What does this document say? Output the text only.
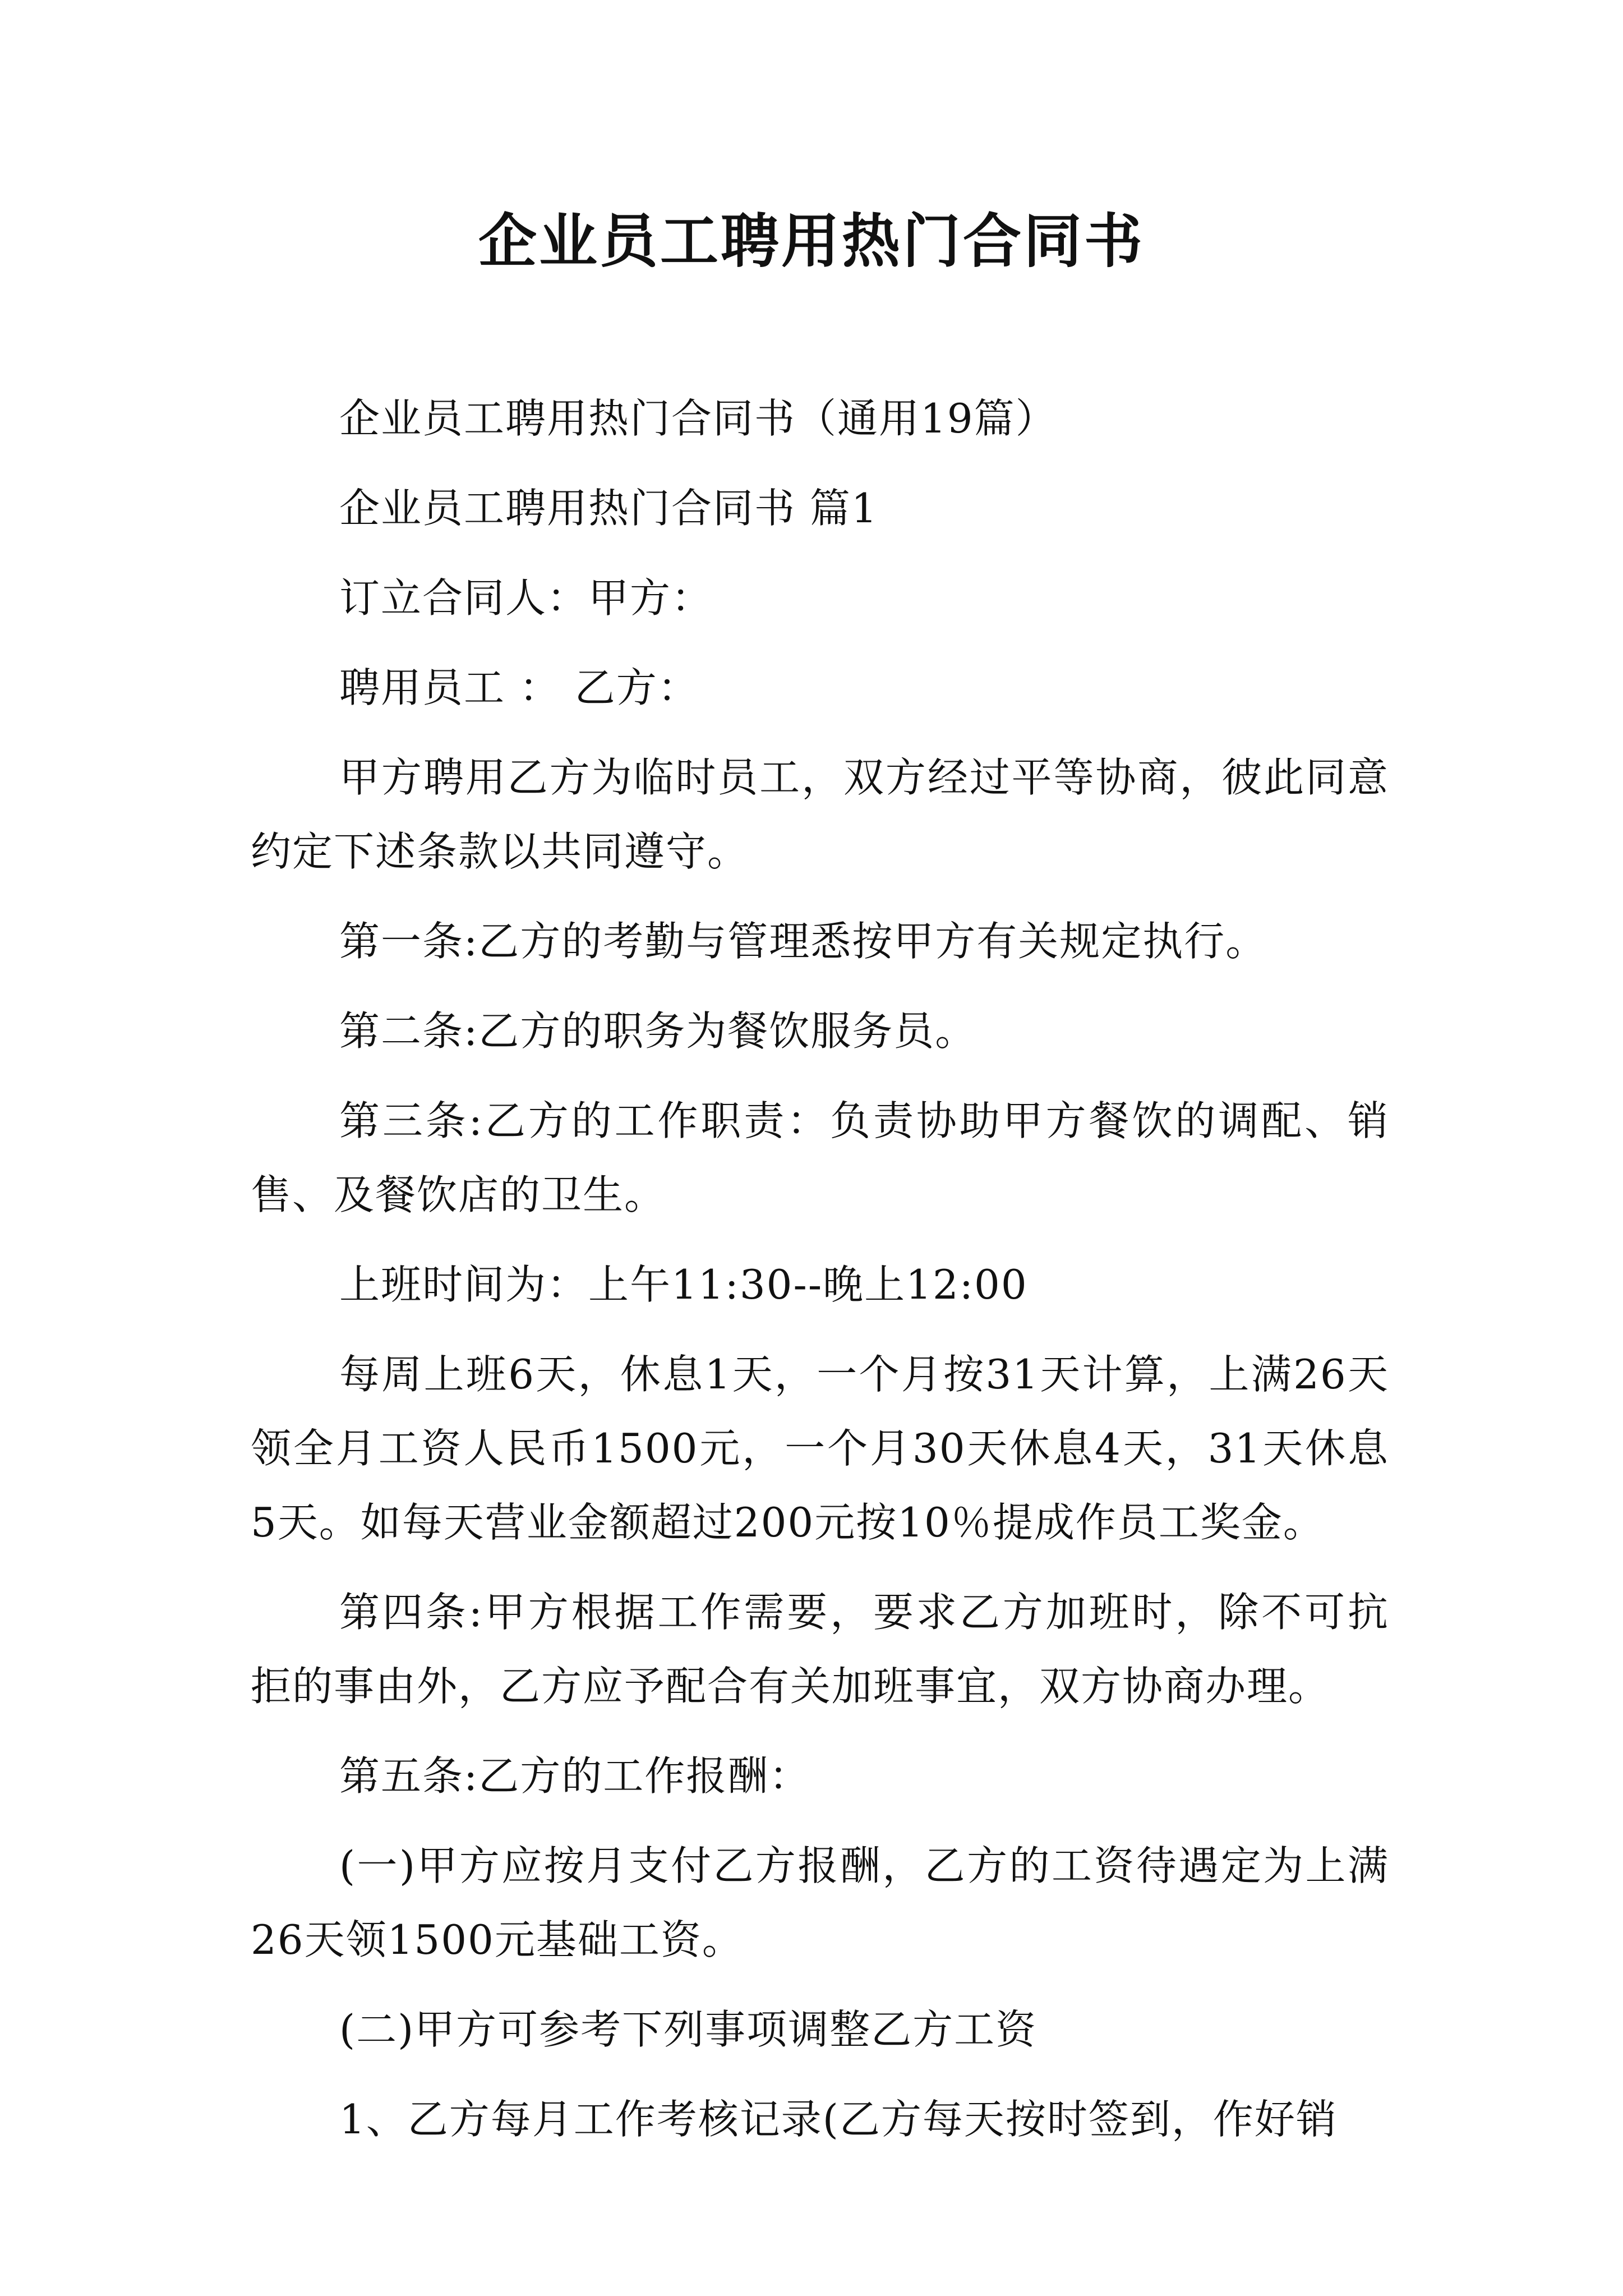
企业员工聘用热门合同书

企业员工聘用热门合同书（通用19篇）

企业员工聘用热门合同书 篇1

订立合同人：甲方：

聘用员工 ： 乙方：

甲方聘用乙方为临时员工，双方经过平等协商，彼此同意约定下述条款以共同遵守。

第一条:乙方的考勤与管理悉按甲方有关规定执行。

第二条:乙方的职务为餐饮服务员。

第三条:乙方的工作职责：负责协助甲方餐饮的调配、销售、及餐饮店的卫生。

上班时间为：上午11:30--晚上12:00

每周上班6天，休息1天，一个月按31天计算，上满26天领全月工资人民币1500元，一个月30天休息4天，31天休息5天。如每天营业金额超过200元按10％提成作员工奖金。

第四条:甲方根据工作需要，要求乙方加班时，除不可抗拒的事由外，乙方应予配合有关加班事宜，双方协商办理。

第五条:乙方的工作报酬：

(一)甲方应按月支付乙方报酬，乙方的工资待遇定为上满26天领1500元基础工资。

(二)甲方可参考下列事项调整乙方工资

1、乙方每月工作考核记录(乙方每天按时签到，作好销
